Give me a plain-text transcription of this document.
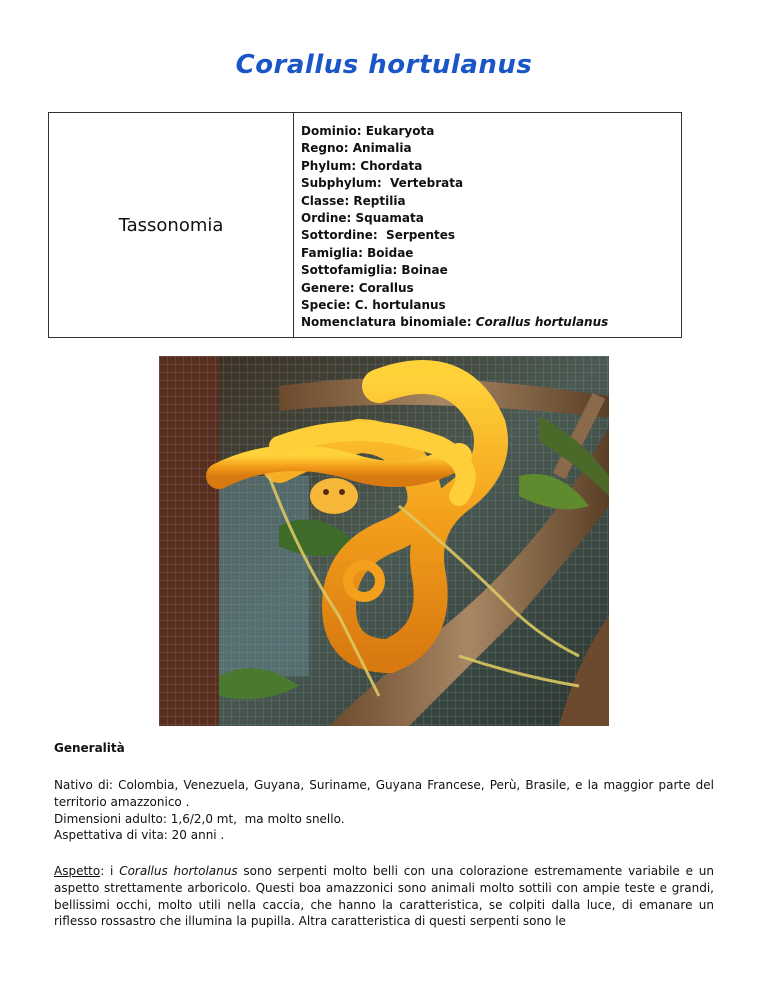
Corallus hortulanus
Tassonomia
Dominio: Eukaryota
Regno: Animalia
Phylum: Chordata
Subphylum:  Vertebrata
Classe: Reptilia
Ordine: Squamata
Sottordine:  Serpentes
Famiglia: Boidae
Sottofamiglia: Boinae
Genere: Corallus
Specie: C. hortulanus
Nomenclatura binomiale: Corallus hortulanus
Generalità
Nativo di: Colombia, Venezuela, Guyana, Suriname, Guyana Francese, Perù, Brasile, e la maggior parte del territorio amazzonico .
Dimensioni adulto: 1,6/2,0 mt,  ma molto snello.
Aspettativa di vita: 20 anni .
Aspetto: i Corallus hortolanus sono serpenti molto belli con una colorazione estremamente variabile e un aspetto strettamente arboricolo. Questi boa amazzonici sono animali molto sottili con ampie teste e grandi, bellissimi occhi, molto utili nella caccia, che hanno la caratteristica, se colpiti dalla luce, di emanare un riflesso rossastro che illumina la pupilla. Altra caratteristica di questi serpenti sono le
